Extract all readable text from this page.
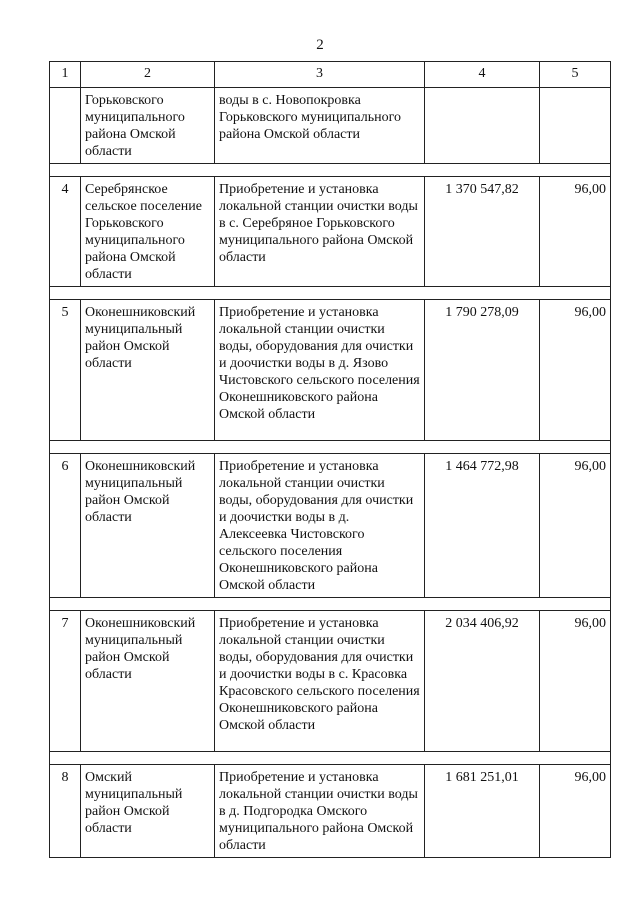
2
1	2	3	4	5
	Горьковского муниципального района Омской области	воды в с. Новопокровка Горьковского муниципального района Омской области		

4	Серебрянское сельское поселение Горьковского муниципального района Омской области	Приобретение и установка локальной станции очистки воды в с. Серебряное Горьковского муниципального района Омской области	1 370 547,82	96,00

5	Оконешниковский муниципальный район Омской области	Приобретение и установка локальной станции очистки воды, оборудования для очистки и доочистки воды в д. Язово Чистовского сельского поселения Оконешниковского района Омской области	1 790 278,09	96,00

6	Оконешниковский муниципальный район Омской области	Приобретение и установка локальной станции очистки воды, оборудования для очистки и доочистки воды в д. Алексеевка Чистовского сельского поселения Оконешниковского района Омской области	1 464 772,98	96,00

7	Оконешниковский муниципальный район Омской области	Приобретение и установка локальной станции очистки воды, оборудования для очистки и доочистки воды в с. Красовка Красовского сельского поселения Оконешниковского района Омской области	2 034 406,92	96,00

8	Омский муниципальный район Омской области	Приобретение и установка локальной станции очистки воды в д. Подгородка Омского муниципального района Омской области	1 681 251,01	96,00
